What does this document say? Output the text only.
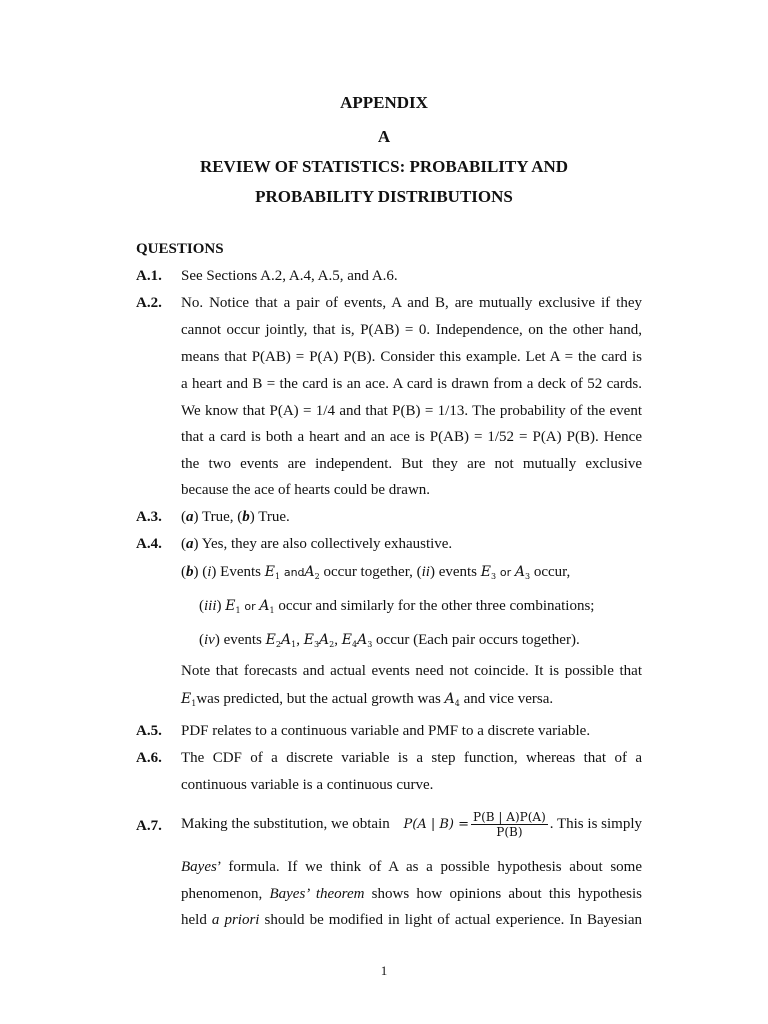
APPENDIX
A
REVIEW OF STATISTICS: PROBABILITY AND
PROBABILITY DISTRIBUTIONS
QUESTIONS
A.1. See Sections A.2, A.4, A.5, and A.6.
A.2. No. Notice that a pair of events, A and B, are mutually exclusive if they
cannot occur jointly, that is, P(AB) = 0. Independence, on the other hand,
means that P(AB) = P(A) P(B). Consider this example. Let A = the card is
a heart and B = the card is an ace. A card is drawn from a deck of 52 cards.
We know that P(A) = 1/4 and that P(B) = 1/13. The probability of the event
that a card is both a heart and an ace is P(AB) = 1/52 = P(A) P(B). Hence
the two events are independent. But they are not mutually exclusive
because the ace of hearts could be drawn.
A.3. (a) True, (b) True.
A.4. (a) Yes, they are also collectively exhaustive.
(b) (i) Events $E_1$ andA$_2$ occur together, (ii) events $E_3$ or $A_3$ occur,
(iii) $E_1$ or $A_1$ occur and similarly for the other three combinations;
(iv) events $E_2A_1$, $E_3A_2$, $E_4A_3$ occur (Each pair occurs together).
Note that forecasts and actual events need not coincide. It is possible that
$E_1was$ predicted, but the actual growth was $A_4$ and vice versa.
A.5. PDF relates to a continuous variable and PMF to a discrete variable.
A.6. The CDF of a discrete variable is a step function, whereas that of a
continuous variable is a continuous curve.
A.7. Making the substitution, we obtain P(A | $B) = \frac{P(B | A)P(A)}{P(B)}$ . This is simply
Bayes’ formula. If we think of A as a possible hypothesis about some
phenomenon, Bayes’ theorem shows how opinions about this hypothesis
held a priori should be modified in light of actual experience. In Bayesian
1
